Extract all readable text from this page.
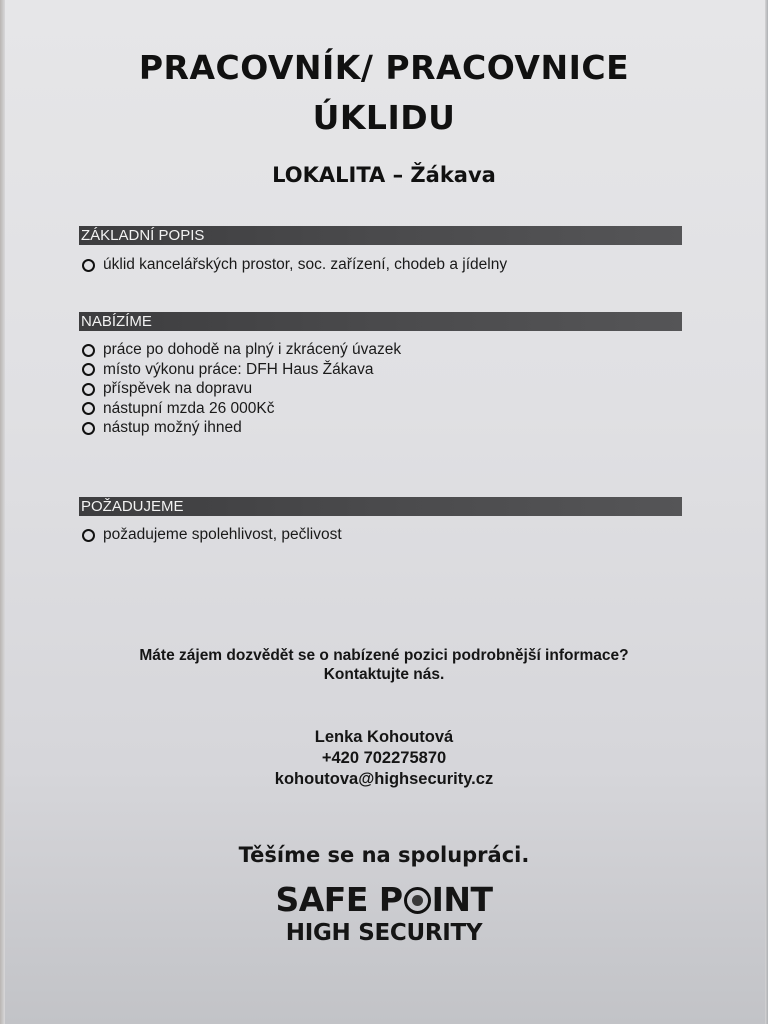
PRACOVNÍK/ PRACOVNICE
ÚKLIDU
LOKALITA – Žákava
ZÁKLADNÍ POPIS
úklid kancelářských prostor, soc. zařízení, chodeb a jídelny
NABÍZÍME
práce po dohodě na plný i zkrácený úvazek
místo výkonu práce: DFH Haus Žákava
příspěvek na dopravu
nástupní mzda 26 000Kč
nástup možný ihned
POŽADUJEME
požadujeme spolehlivost, pečlivost
Máte zájem dozvědět se o nabízené pozici podrobnější informace?
Kontaktujte nás.
Lenka Kohoutová
+420 702275870
kohoutova@highsecurity.cz
Těšíme se na spolupráci.
SAFE P INT
HIGH SECURITY
